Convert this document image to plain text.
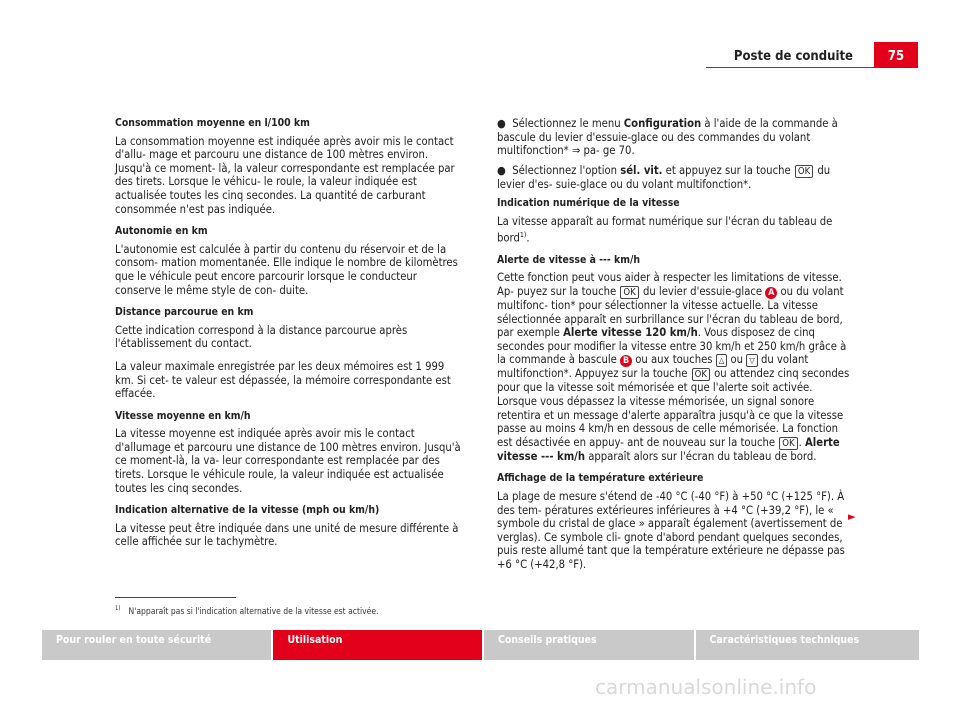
Poste de conduite	75
Consommation moyenne en l/100 km

La consommation moyenne est indiquée après avoir mis le contact d'allu- mage et parcouru une distance de 100 mètres environ. Jusqu'à ce moment- là, la valeur correspondante est remplacée par des tirets. Lorsque le véhicu- le roule, la valeur indiquée est actualisée toutes les cinq secondes. La quantité de carburant consommée n'est pas indiquée.

Autonomie en km

L'autonomie est calculée à partir du contenu du réservoir et de la consom- mation momentanée. Elle indique le nombre de kilomètres que le véhicule peut encore parcourir lorsque le conducteur conserve le même style de con- duite.

Distance parcourue en km

Cette indication correspond à la distance parcourue après l'établissement du contact.

La valeur maximale enregistrée par les deux mémoires est 1 999 km. Si cet- te valeur est dépassée, la mémoire correspondante est effacée.

Vitesse moyenne en km/h

La vitesse moyenne est indiquée après avoir mis le contact d'allumage et parcouru une distance de 100 mètres environ. Jusqu'à ce moment-là, la va- leur correspondante est remplacée par des tirets. Lorsque le véhicule roule, la valeur indiquée est actualisée toutes les cinq secondes.

Indication alternative de la vitesse (mph ou km/h)

La vitesse peut être indiquée dans une unité de mesure différente à celle affichée sur le tachymètre.

● Sélectionnez le menu Configuration à l'aide de la commande à bascule du levier d'essuie-glace ou des commandes du volant multifonction* ⇒ pa- ge 70.

● Sélectionnez l'option sél. vit. et appuyez sur la touche OK du levier d'es- suie-glace ou du volant multifonction*.

Indication numérique de la vitesse

La vitesse apparaît au format numérique sur l'écran du tableau de bord$^{1)}$.

Alerte de vitesse à --- km/h

Cette fonction peut vous aider à respecter les limitations de vitesse. Ap- puyez sur la touche OK du levier d'essuie-glace A ou du volant multifonc- tion* pour sélectionner la vitesse actuelle. La vitesse sélectionnée apparaît en surbrillance sur l'écran du tableau de bord, par exemple Alerte vitesse 120 km/h. Vous disposez de cinq secondes pour modifier la vitesse entre 30 km/h et 250 km/h grâce à la commande à bascule B ou aux touches △ ou ▽ du volant multifonction*. Appuyez sur la touche OK ou attendez cinq secondes pour que la vitesse soit mémorisée et que l'alerte soit activée. Lorsque vous dépassez la vitesse mémorisée, un signal sonore retentira et un message d'alerte apparaîtra jusqu'à ce que la vitesse passe au moins 4 km/h en dessous de celle mémorisée. La fonction est désactivée en appuy- ant de nouveau sur la touche OK . Alerte vitesse --- km/h apparaît alors sur l'écran du tableau de bord.

Affichage de la température extérieure

La plage de mesure s'étend de -40 °C (-40 °F) à +50 °C (+125 °F). À des tem- pératures extérieures inférieures à +4 °C (+39,2 °F), le « symbole du cristal de glace » apparaît également (avertissement de verglas). Ce symbole cli- gnote d'abord pendant quelques secondes, puis reste allumé tant que la température extérieure ne dépasse pas +6 °C (+42,8 °F).

►
$^{1)}$ N'apparaît pas si l'indication alternative de la vitesse est activée.
Pour rouler en toute sécurité	Utilisation	Conseils pratiques	Caractéristiques techniques
carmanualsonline.info
